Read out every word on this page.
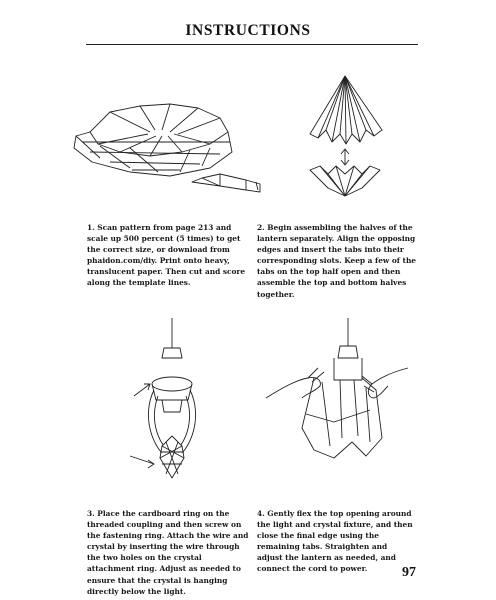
INSTRUCTIONS
1. Scan pattern from page 213 and scale up 500 percent (5 times) to get the correct size, or download from phaidon.com/diy. Print onto heavy, translucent paper. Then cut and score along the template lines.
2. Begin assembling the halves of the lantern separately. Align the opposing edges and insert the tabs into their corresponding slots. Keep a few of the tabs on the top half open and then assemble the top and bottom halves together.
3. Place the cardboard ring on the threaded coupling and then screw on the fastening ring. Attach the wire and crystal by inserting the wire through the two holes on the crystal attachment ring. Adjust as needed to ensure that the crystal is hanging directly below the light.
4. Gently flex the top opening around the light and crystal fixture, and then close the final edge using the remaining tabs. Straighten and adjust the lantern as needed, and connect the cord to power.	97
